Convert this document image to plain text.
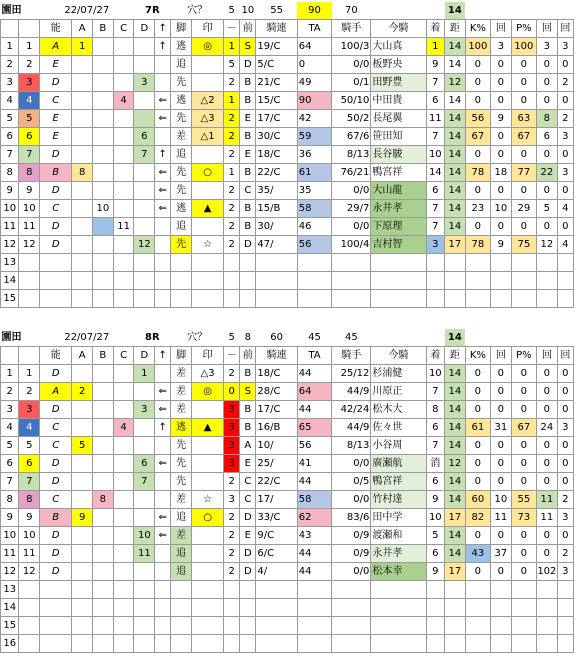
園田		22/07/27				7R		穴？		5	10	55	90	70			14					
		能	A	B	C	D	↑	脚	印	－	前	騎連	TA	騎手	今騎	着	距	K%	回	P%	回	回
1	1	A	1				↑	逃	◎	1	S	19/C	64	100/3	大山真	1	14	100	3	100	3	3
2	2	E						追		5	D	5/C	0	0/0	板野央	9	14	0	0	0	0	0
3	3	D				3		先		2	B	21/C	49	0/1	田野豊	7	12	0	0	0	0	2
4	4	C			4		⇐	逃	△2	1	B	15/C	90	50/10	中田貴	6	14	0	0	0	0	0
5	5	E					⇐	先	△3	2	E	17/C	42	50/2	長尾翼	11	14	56	9	63	8	2
6	6	E				6		差	△1	2	B	30/C	59	67/6	笹田知	7	14	67	0	67	6	3
7	7	D				7	↑	追		2	E	18/C	36	8/13	長谷駿	10	14	0	0	0	0	0
8	8	B	8				⇐	先	○	1	B	22/C	61	76/21	鴨宮祥	14	14	78	18	77	22	3
9	9	D					⇐	先		2	C	35/	35	0/0	大山龍	6	14	0	0	0	0	0
10	10	C		10			⇐	逃	▲	2	B	15/B	58	29/7	永井孝	7	14	23	10	29	5	4
11	11	D			11			追		2	B	30/	46	0/0	下原理	7	14	0	0	0	0	0
12	12	D				12		先	☆	2	D	47/	56	100/4	吉村智	3	17	78	9	75	12	4
13																						
14																						
15																						
園田		22/07/27				8R		穴？		5	8	60	45	45			14					
		能	A	B	C	D	↑	脚	印	－	前	騎連	TA	騎手	今騎	着	距	K%	回	P%	回	回
1	1	D				1		差	△3	2	B	18/C	44	25/12	杉浦健	10	14	0	0	0	0	0
2	2	A	2				⇐	差	◎	0	S	28/C	64	44/9	川原正	7	14	0	0	0	0	0
3	3	D				3	⇐	差		3	B	17/C	44	42/24	松木大	8	14	0	0	0	0	0
4	4	C			4		↑	逃	▲	3	B	16/B	65	44/9	佐々世	6	14	61	31	67	24	3
5	5	C	5					先		3	A	10/	56	8/13	小谷周	7	14	0	0	0	0	0
6	6	D				6	⇐	先		3	E	25/	41	0/0	廣瀬航	消	12	0	0	0	0	0
7	7	D				7		先		2	C	22/C	44	0/5	鴨宮祥	6	14	0	0	0	0	0
8	8	C		8				差	☆	3	C	17/	58	0/0	竹村達	9	14	60	10	55	11	2
9	9	B	9				⇐	追	○	2	D	33/C	62	83/6	田中学	10	17	82	11	73	11	3
10	10	D				10	⇐	差		2	E	9/C	43	0/9	渡瀬和	5	14	0	0	0	0	0
11	11	D				11		追		2	D	6/C	44	0/9	永井孝	6	14	43	37	0	0	2
12	12	D						追		2	D	4/	44	0/0	松本幸	9	17	0	0	0	102	3
13																						
14																						
15																						
16																						
